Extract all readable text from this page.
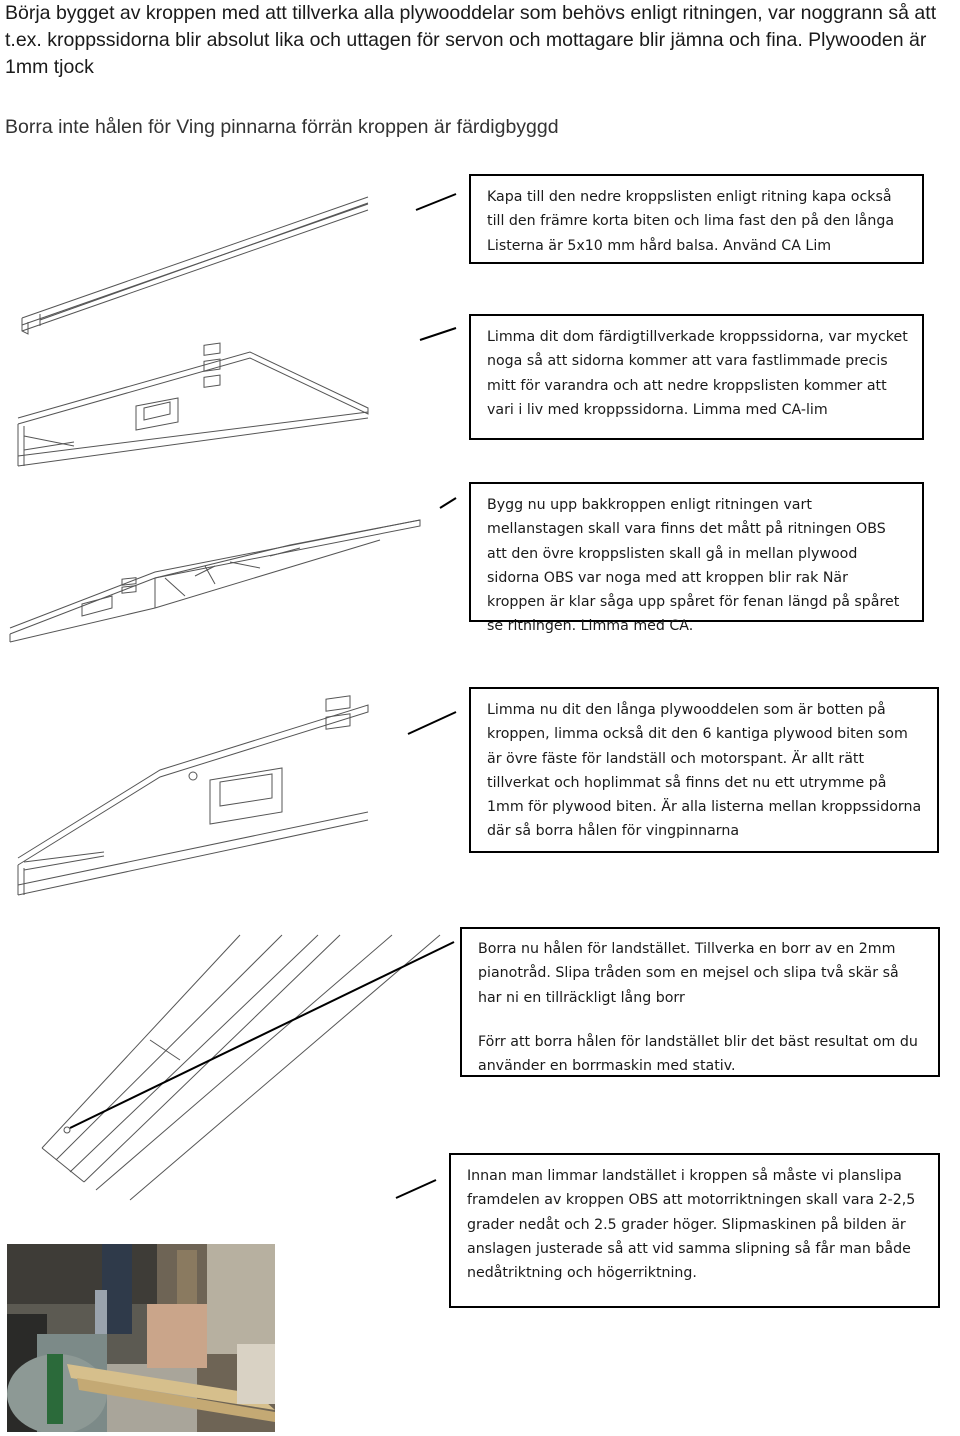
Börja bygget av kroppen med att tillverka alla plywooddelar som behövs enligt ritningen, var noggrann så att t.ex. kroppssidorna blir absolut lika och uttagen för servon och mottagare blir jämna och fina. Plywooden är 1mm tjock

Borra inte hålen för Ving pinnarna förrän kroppen är färdigbyggd

Kapa till den nedre kroppslisten enligt ritning kapa också till den främre korta biten och lima fast den på den långa Listerna är 5x10 mm hård balsa. Använd CA Lim

Limma dit dom färdigtillverkade kroppssidorna, var mycket noga så att sidorna kommer att vara fastlimmade precis mitt för varandra och att nedre kroppslisten kommer att vari i liv med kroppssidorna. Limma med CA-lim

Bygg nu upp bakkroppen enligt ritningen vart mellanstagen skall vara finns det mått på ritningen OBS att den övre kroppslisten skall gå in mellan plywood sidorna OBS var noga med att kroppen blir rak När kroppen är klar såga upp spåret för fenan längd på spåret se ritningen. Limma med CA.

Limma nu dit den långa plywooddelen som är botten på kroppen, limma också dit den 6 kantiga plywood biten som är övre fäste för landställ och motorspant. Är allt rätt tillverkat och hoplimmat så finns det nu ett utrymme på 1mm för plywood biten. Är alla listerna mellan kroppssidorna där så borra hålen för vingpinnarna

Borra nu hålen för landstället. Tillverka en borr av en 2mm pianotråd. Slipa tråden som en mejsel och slipa två skär så har ni en tillräckligt lång borr

Förr att borra hålen för landstället blir det bäst resultat om du använder en borrmaskin med stativ.

Innan man limmar landstället i kroppen så måste vi planslipa framdelen av kroppen OBS att motorriktningen skall vara 2-2,5 grader nedåt och 2.5 grader höger. Slipmaskinen på bilden är anslagen justerade så att vid samma slipning så får man både nedåtriktning och högerriktning.
